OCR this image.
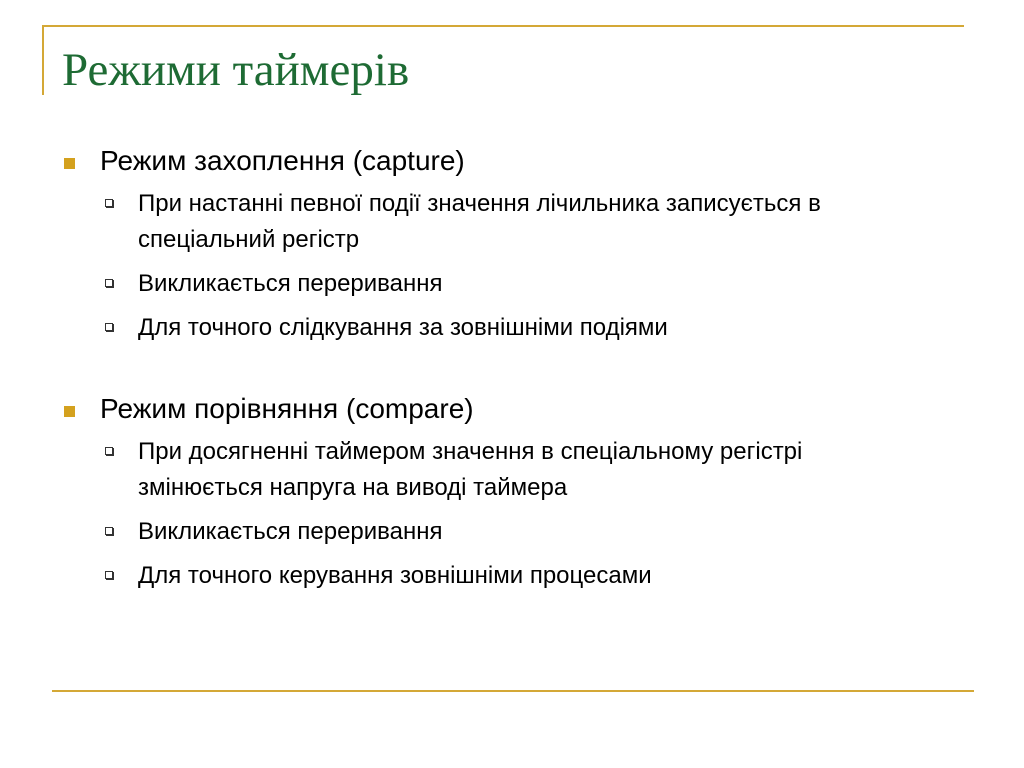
Режими таймерів
Режим захоплення (capture)
При настанні певної події значення лічильника записується в спеціальний регістр
Викликається переривання
Для точного слідкування за зовнішніми подіями
Режим порівняння (compare)
При досягненні таймером значення в спеціальному регістрі змінюється напруга на виводі таймера
Викликається переривання
Для точного керування зовнішніми процесами
